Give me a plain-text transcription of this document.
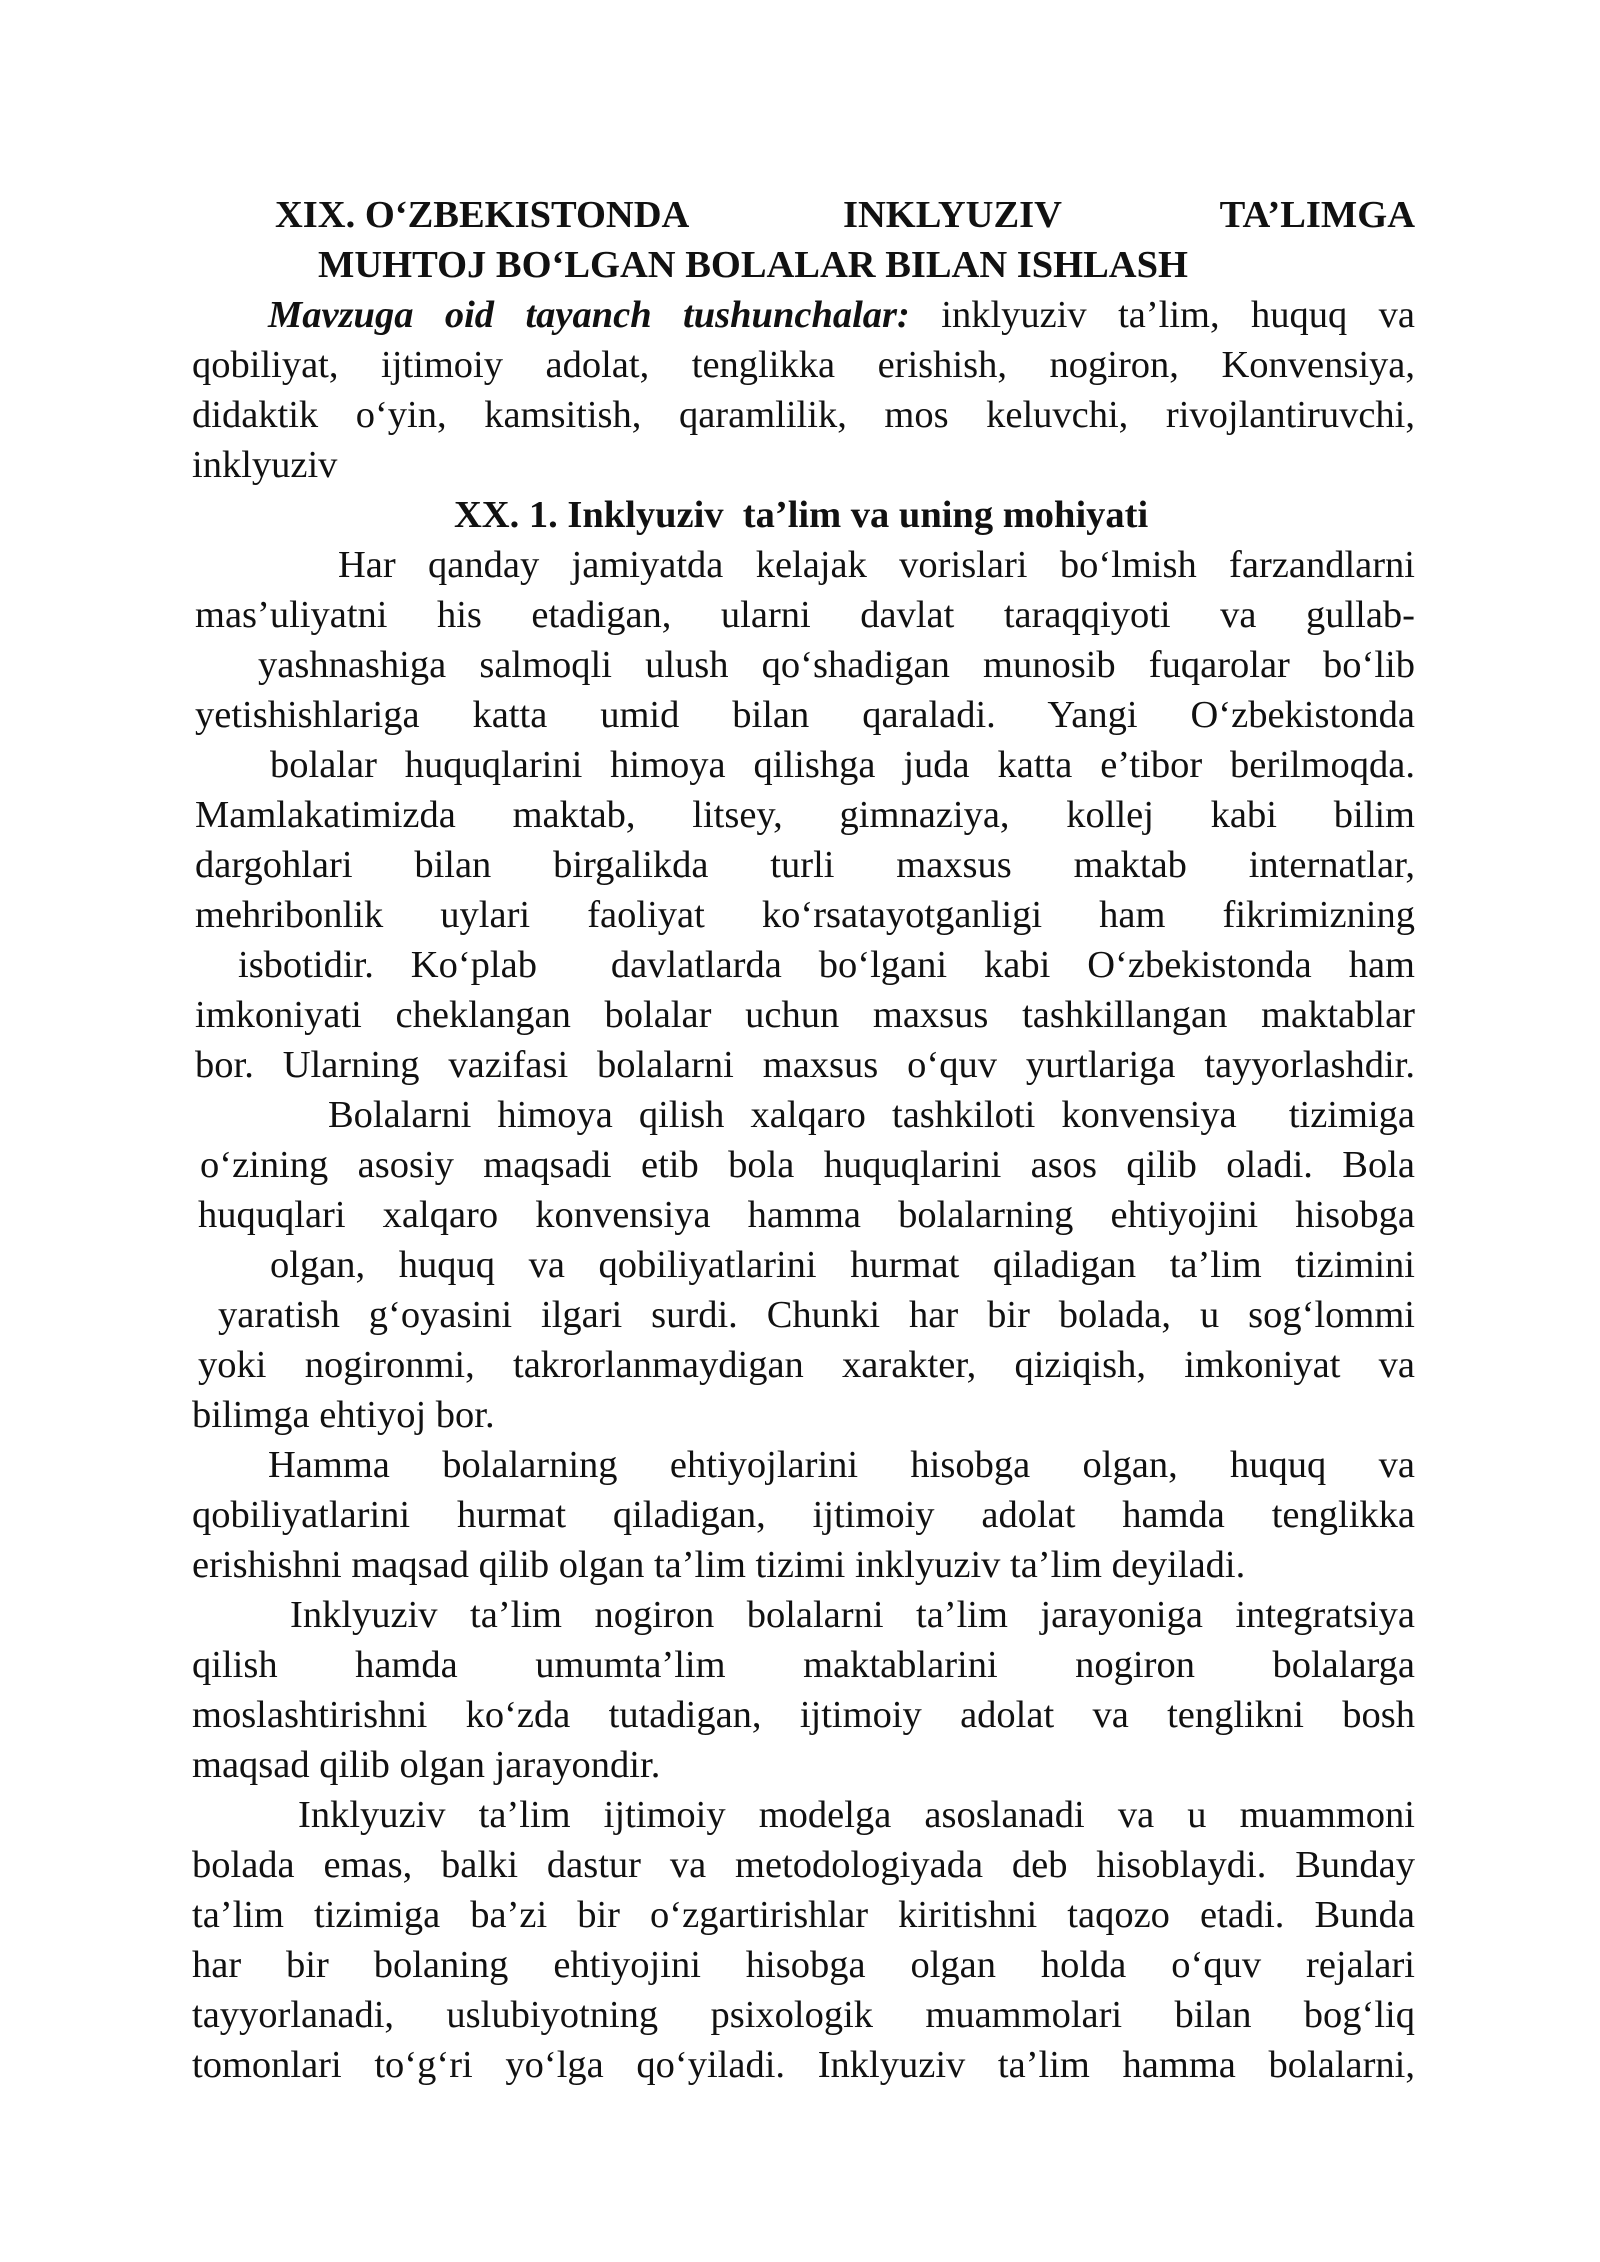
XIX. O‘ZBEKISTONDA

	INKLYUZIV

	TA’LIMGA

MUHTOJ BO‘LGAN BOLALAR BILAN ISHLASH
Mavzuga oid tayanch tushunchalar: inklyuziv ta’lim, huquq va
qobiliyat, ijtimoiy adolat, tenglikka erishish, nogiron, Konvensiya,
didaktik o‘yin, kamsitish, qaramlilik, mos keluvchi, rivojlantiruvchi,
inklyuziv
XX. 1. Inklyuziv  ta’lim va uning mohiyati
Har qanday jamiyatda kelajak vorislari bo‘lmish farzandlarni
mas’uliyatni his etadigan, ularni davlat taraqqiyoti va gullab-
yashnashiga salmoqli ulush qo‘shadigan munosib fuqarolar bo‘lib
yetishishlariga katta umid bilan qaraladi. Yangi O‘zbekistonda
bolalar huquqlarini himoya qilishga juda katta e’tibor berilmoqda.
Mamlakatimizda maktab, litsey, gimnaziya, kollej kabi bilim
dargohlari bilan birgalikda turli maxsus maktab internatlar,
mehribonlik uylari faoliyat ko‘rsatayotganligi ham fikrimizning
isbotidir. Ko‘plab  davlatlarda bo‘lgani kabi O‘zbekistonda ham
imkoniyati cheklangan bolalar uchun maxsus tashkillangan maktablar
bor. Ularning vazifasi bolalarni maxsus o‘quv yurtlariga tayyorlashdir.
Bolalarni himoya qilish xalqaro tashkiloti konvensiya  tizimiga
o‘zining asosiy maqsadi etib bola huquqlarini asos qilib oladi. Bola
huquqlari xalqaro konvensiya hamma bolalarning ehtiyojini hisobga
olgan, huquq va qobiliyatlarini hurmat qiladigan ta’lim tizimini
yaratish g‘oyasini ilgari surdi. Chunki har bir bolada, u sog‘lommi
yoki nogironmi, takrorlanmaydigan xarakter, qiziqish, imkoniyat va
bilimga ehtiyoj bor.
Hamma bolalarning ehtiyojlarini hisobga olgan, huquq va
qobiliyatlarini hurmat qiladigan, ijtimoiy adolat hamda tenglikka
erishishni maqsad qilib olgan ta’lim tizimi inklyuziv ta’lim deyiladi.
Inklyuziv ta’lim nogiron bolalarni ta’lim jarayoniga integratsiya
qilish hamda umumta’lim maktablarini nogiron bolalarga
moslashtirishni ko‘zda tutadigan, ijtimoiy adolat va tenglikni bosh
maqsad qilib olgan jarayondir.
Inklyuziv ta’lim ijtimoiy modelga asoslanadi va u muammoni
bolada emas, balki dastur va metodologiyada deb hisoblaydi. Bunday
ta’lim tizimiga ba’zi bir o‘zgartirishlar kiritishni taqozo etadi. Bunda
har bir bolaning ehtiyojini hisobga olgan holda o‘quv rejalari
tayyorlanadi, uslubiyotning psixologik muammolari bilan bog‘liq
tomonlari to‘g‘ri yo‘lga qo‘yiladi. Inklyuziv ta’lim hamma bolalarni,
